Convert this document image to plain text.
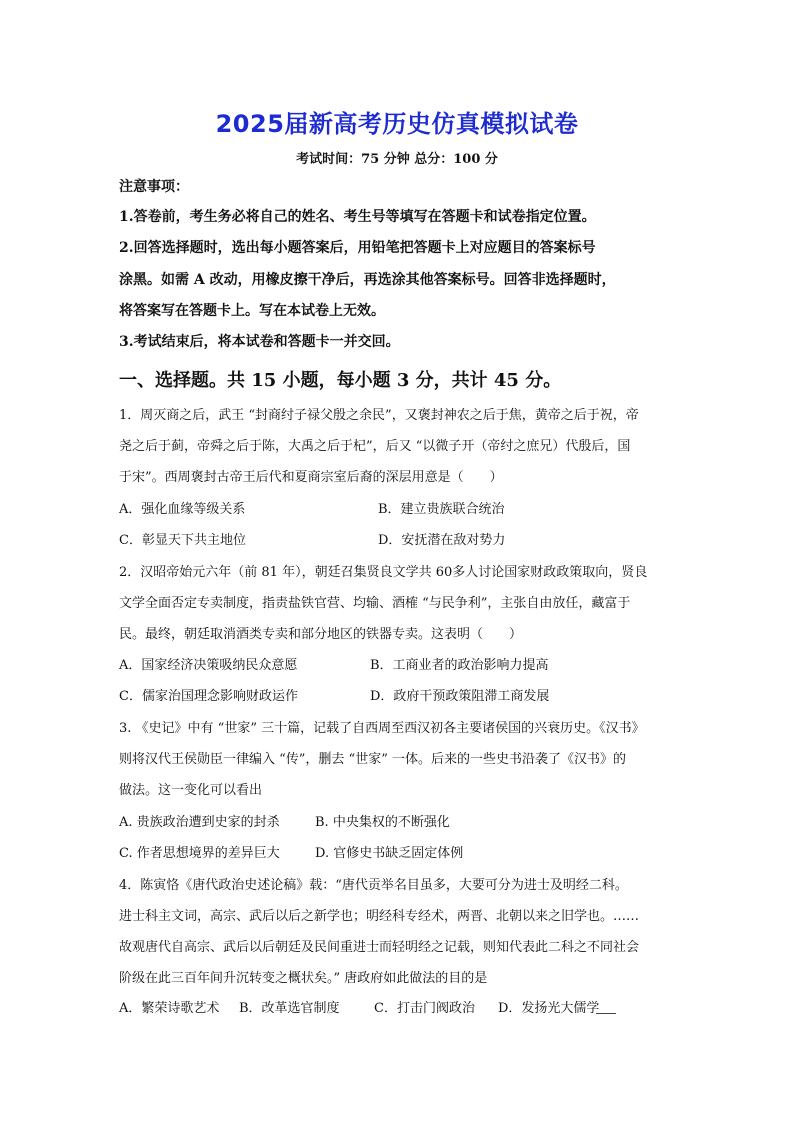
2025届新高考历史仿真模拟试卷
考试时间：75 分钟 总分：100 分
注意事项：
1.答卷前，考生务必将自己的姓名、考生号等填写在答题卡和试卷指定位置。
2.回答选择题时，选出每小题答案后，用铅笔把答题卡上对应题目的答案标号
涂黑。如需 A 改动，用橡皮擦干净后，再选涂其他答案标号。回答非选择题时，
将答案写在答题卡上。写在本试卷上无效。
3.考试结束后，将本试卷和答题卡一并交回。
一、选择题。共 15 小题，每小题 3 分，共计 45 分。
1．周灭商之后，武王 “封商纣子禄父殷之余民”，又褒封神农之后于焦，黄帝之后于祝，帝
尧之后于蓟，帝舜之后于陈，大禹之后于杞”，后又 “以微子开（帝纣之庶兄）代殷后，国
于宋”。西周褒封古帝王后代和夏商宗室后裔的深层用意是（　　）
A．强化血缘等级关系	B．建立贵族联合统治
C．彰显天下共主地位	D．安抚潜在敌对势力
2．汉昭帝始元六年（前 81 年），朝廷召集贤良文学共 60多人讨论国家财政政策取向，贤良
文学全面否定专卖制度，指责盐铁官营、均输、酒榷 “与民争利”，主张自由放任，藏富于
民。最终，朝廷取消酒类专卖和部分地区的铁器专卖。这表明（　　）
A．国家经济决策吸纳民众意愿	B．工商业者的政治影响力提高
C．儒家治国理念影响财政运作	D．政府干预政策阻滞工商发展
3. 《史记》中有 “世家” 三十篇，记载了自西周至西汉初各主要诸侯国的兴衰历史。《汉书》
则将汉代王侯勋臣一律编入 “传”，删去 “世家” 一体。后来的一些史书沿袭了《汉书》的
做法。这一变化可以看出
A. 贵族政治遭到史家的封杀	B. 中央集权的不断强化
C. 作者思想境界的差异巨大	D. 官修史书缺乏固定体例
4．陈寅恪《唐代政治史述论稿》载：“唐代贡举名目虽多，大要可分为进士及明经二科。
进士科主文词，高宗、武后以后之新学也；明经科专经术，两晋、北朝以来之旧学也。……
故观唐代自高宗、武后以后朝廷及民间重进士而轻明经之记载，则知代表此二科之不同社会
阶级在此三百年间升沉转变之概状矣。” 唐政府如此做法的目的是
A．繁荣诗歌艺术 B．改革选官制度	C．打击门阀政治 D．发扬光大儒学
